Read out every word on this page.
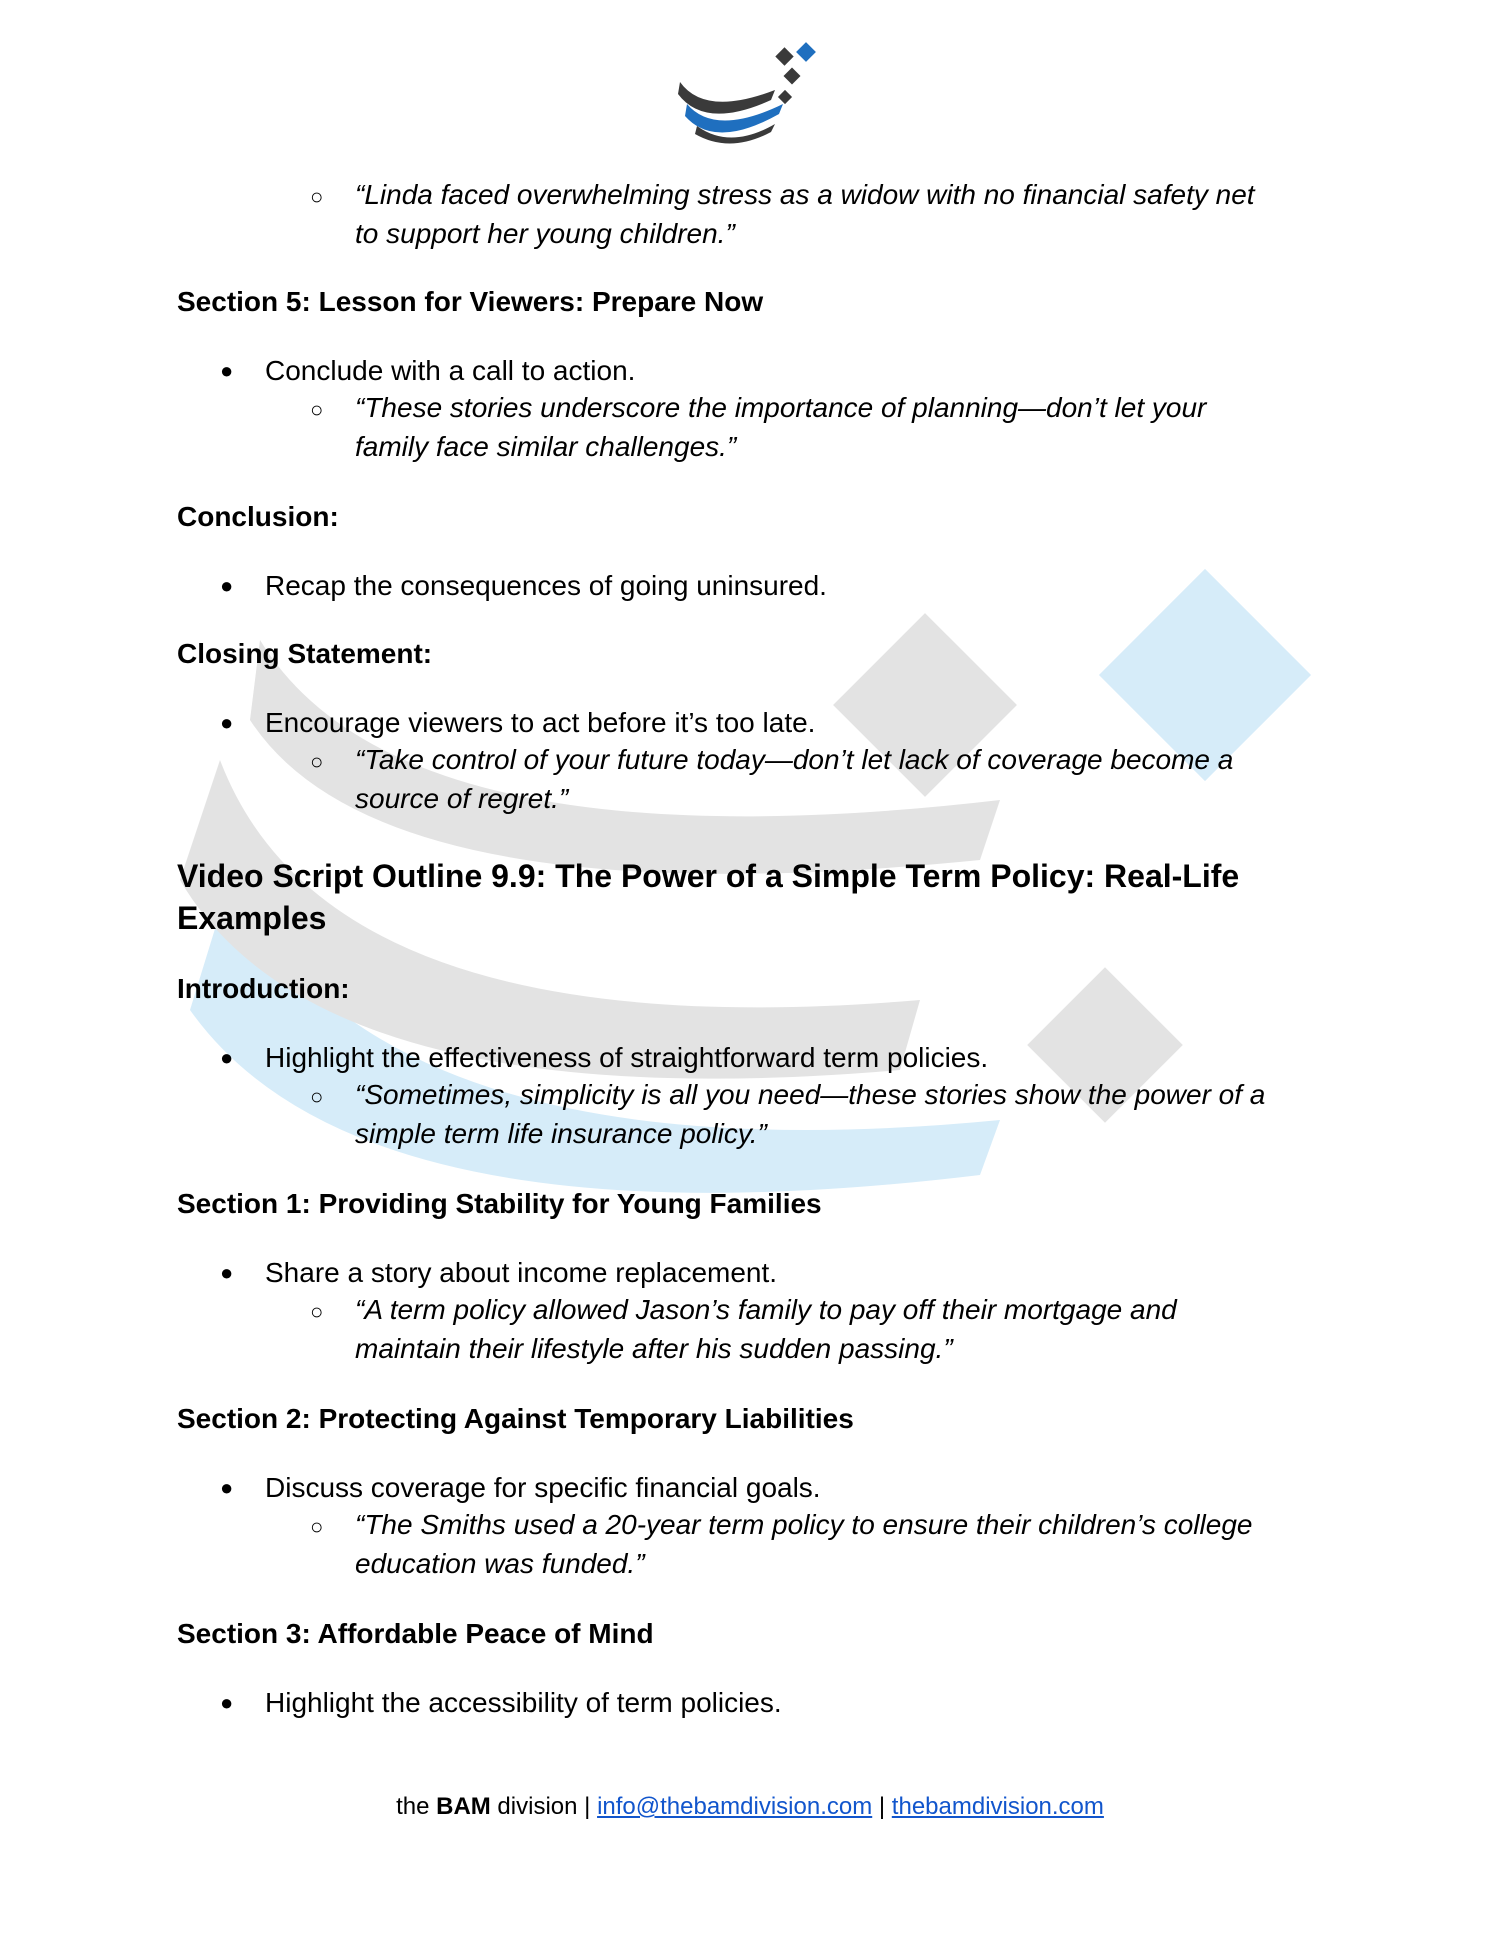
○ “Linda faced overwhelming stress as a widow with no financial safety net
to support her young children.”
Section 5: Lesson for Viewers: Prepare Now
● Conclude with a call to action.
○ “These stories underscore the importance of planning—don’t let your
family face similar challenges.”
Conclusion:
● Recap the consequences of going uninsured.
Closing Statement:
● Encourage viewers to act before it’s too late.
○ “Take control of your future today—don’t let lack of coverage become a
source of regret.”
Video Script Outline 9.9: The Power of a Simple Term Policy: Real-Life
Examples
Introduction:
● Highlight the effectiveness of straightforward term policies.
○ “Sometimes, simplicity is all you need—these stories show the power of a
simple term life insurance policy.”
Section 1: Providing Stability for Young Families
● Share a story about income replacement.
○ “A term policy allowed Jason’s family to pay off their mortgage and
maintain their lifestyle after his sudden passing.”
Section 2: Protecting Against Temporary Liabilities
● Discuss coverage for specific financial goals.
○ “The Smiths used a 20-year term policy to ensure their children’s college
education was funded.”
Section 3: Affordable Peace of Mind
● Highlight the accessibility of term policies.
the BAM division | info@thebamdivision.com | thebamdivision.com
